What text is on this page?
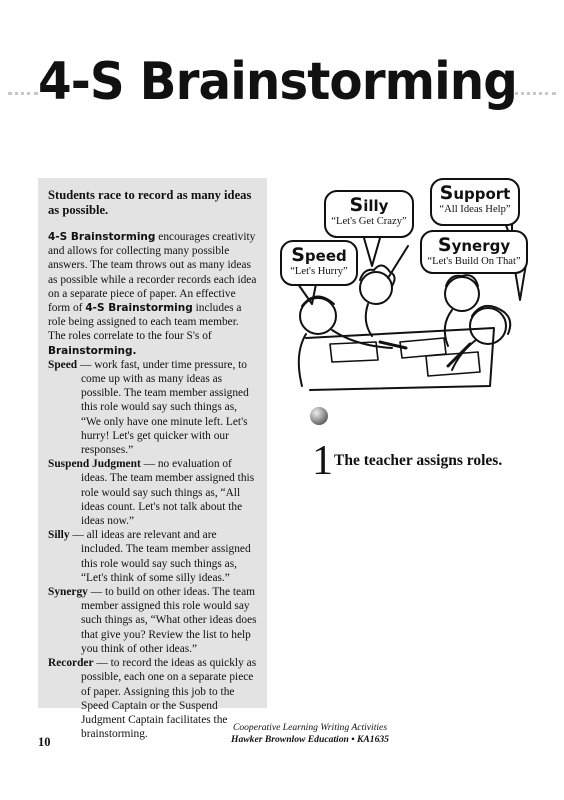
4-S Brainstorming

Students race to record as many ideas as possible.

4-S Brainstorming encourages creativity and allows for collecting many possible answers. The team throws out as many ideas as possible while a recorder records each idea on a separate piece of paper. An effective form of 4-S Brainstorming includes a role being assigned to each team member. The roles correlate to the four S's of Brainstorming.

Speed — work fast, under time pressure, to come up with as many ideas as possible. The team member assigned this role would say such things as, “We only have one minute left. Let's hurry! Let's get quicker with our responses.”

Suspend Judgment — no evaluation of ideas. The team member assigned this role would say such things as, “All ideas count. Let's not talk about the ideas now.”

Silly — all ideas are relevant and are included. The team member assigned this role would say such things as, “Let's think of some silly ideas.”

Synergy — to build on other ideas. The team member assigned this role would say such things as, “What other ideas does that give you? Review the list to help you think of other ideas.”

Recorder — to record the ideas as quickly as possible, each one on a separate piece of paper. Assigning this job to the Speed Captain or the Suspend Judgment Captain facilitates the brainstorming.

Speed
“Let's Hurry”
Silly
“Let's Get Crazy”
Support
“All Ideas Help”
Synergy
“Let's Build On That”
1The teacher assigns roles.
10
Cooperative Learning Writing Activities
Hawker Brownlow Education • KA1635
